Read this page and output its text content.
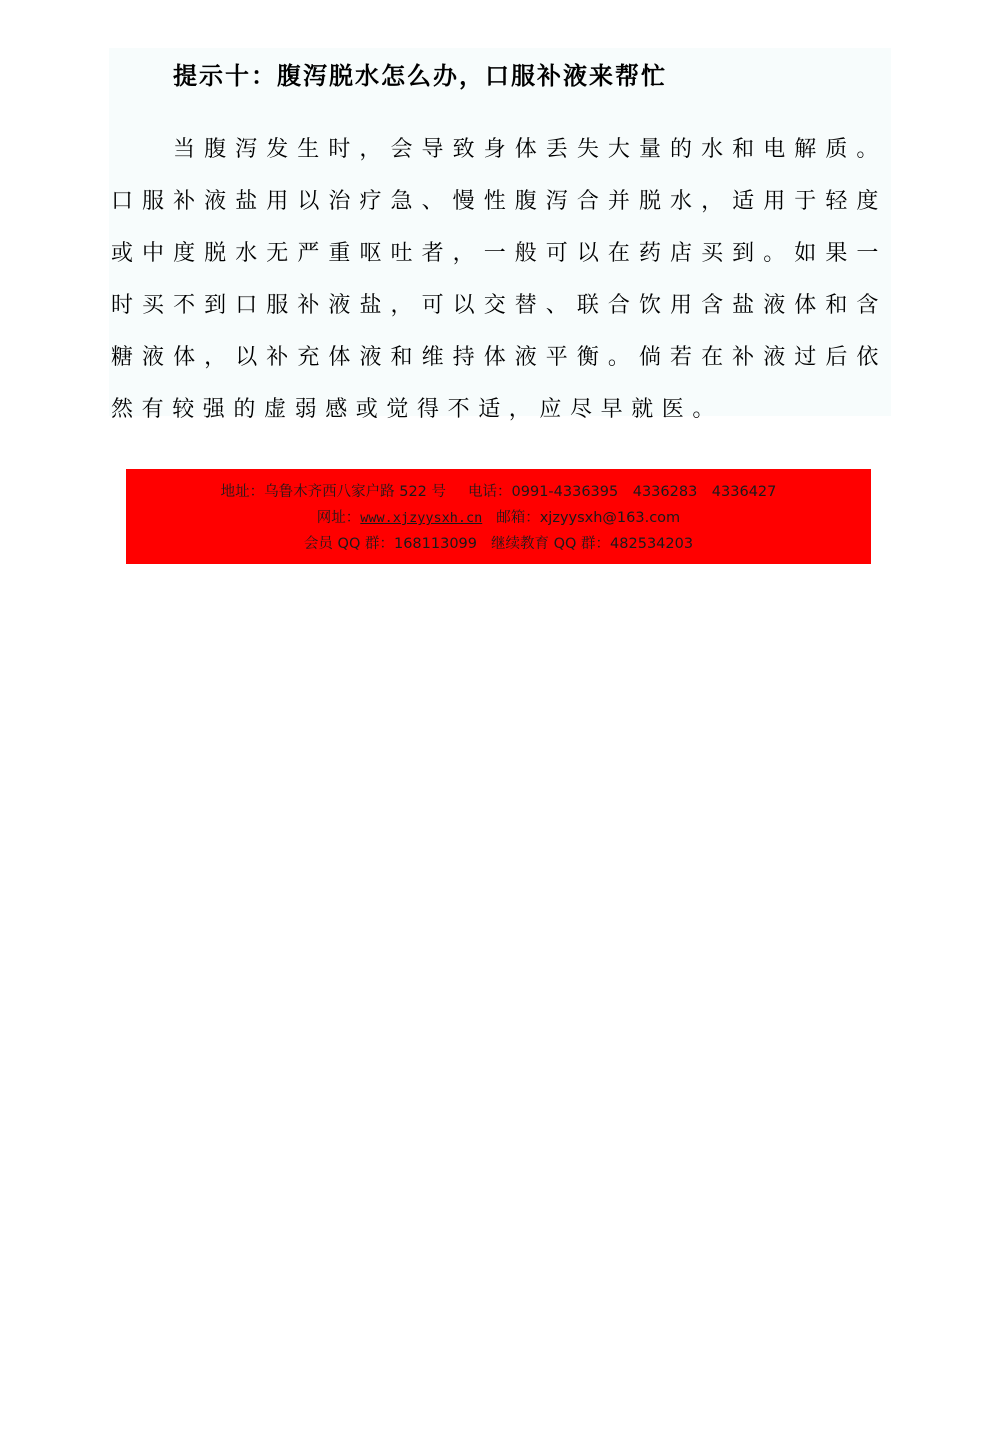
提示十：腹泻脱水怎么办，口服补液来帮忙

当腹泻发生时，会导致身体丢失大量的水和电解质。口服补液盐用以治疗急、慢性腹泻合并脱水，适用于轻度或中度脱水无严重呕吐者，一般可以在药店买到。如果一时买不到口服补液盐，可以交替、联合饮用含盐液体和含糖液体，以补充体液和维持体液平衡。倘若在补液过后依然有较强的虚弱感或觉得不适，应尽早就医。

地址：乌鲁木齐西八家户路 522 号 电话：0991-4336395　4336283　4336427
网址：www.xjzyysxh.cn 邮箱：xjzyysxh@163.com
会员 QQ 群：168113099 继续教育 QQ 群：482534203
